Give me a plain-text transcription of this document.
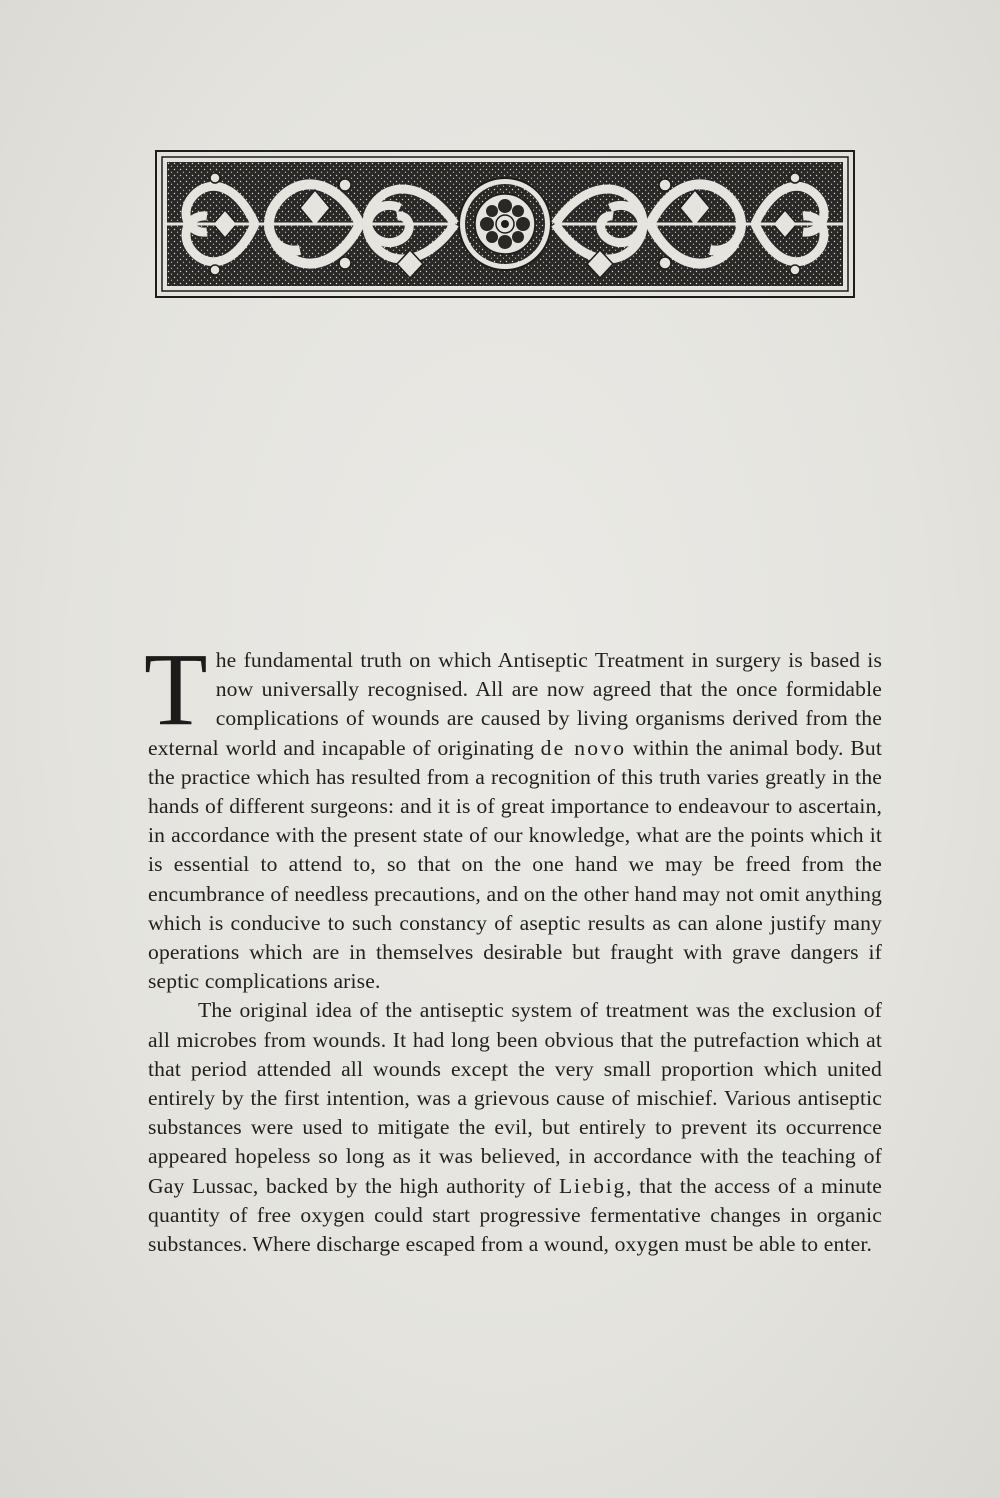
The fundamental truth on which Antiseptic Treatment in surgery is based is now universally recognised. All are now agreed that the once formidable complications of wounds are caused by living organisms derived from the external world and incapable of originating de novo within the animal body. But the practice which has resulted from a recognition of this truth varies greatly in the hands of different surgeons: and it is of great importance to endeavour to ascertain, in accordance with the present state of our knowledge, what are the points which it is essential to attend to, so that on the one hand we may be freed from the encumbrance of needless precautions, and on the other hand may not omit anything which is conducive to such constancy of aseptic results as can alone justify many operations which are in themselves desirable but fraught with grave dangers if septic complications arise.

The original idea of the antiseptic system of treatment was the exclusion of all microbes from wounds. It had long been obvious that the putrefaction which at that period attended all wounds except the very small proportion which united entirely by the first intention, was a grievous cause of mischief. Various antiseptic substances were used to mitigate the evil, but entirely to prevent its occurrence appeared hopeless so long as it was believed, in accordance with the teaching of Gay Lussac, backed by the high authority of Liebig, that the access of a minute quantity of free oxygen could start progressive fermentative changes in organic substances. Where discharge escaped from a wound, oxygen must be able to enter.
